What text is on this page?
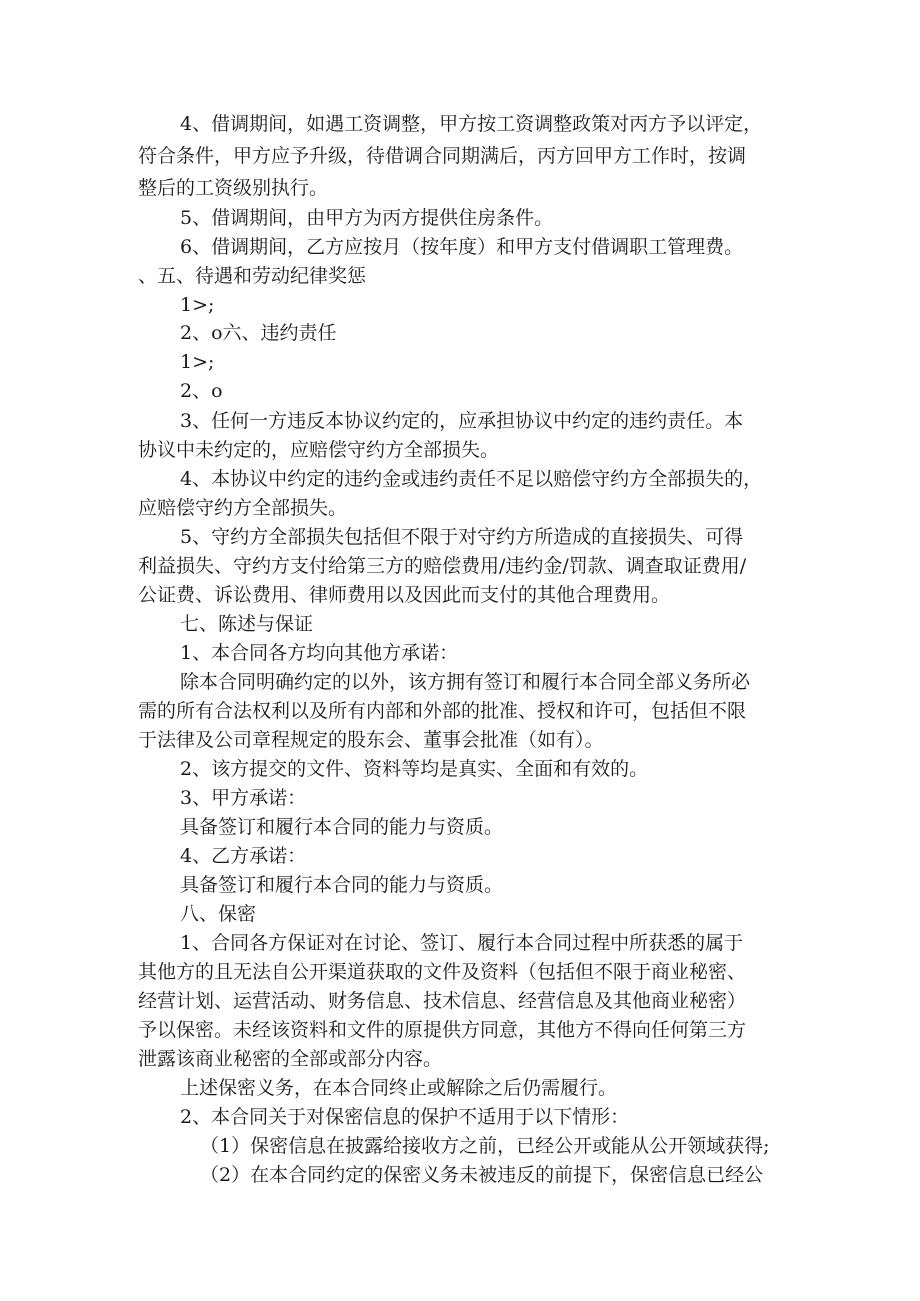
4、借调期间，如遇工资调整，甲方按工资调整政策对丙方予以评定，
符合条件，甲方应予升级，待借调合同期满后，丙方回甲方工作时，按调
整后的工资级别执行。
5、借调期间，由甲方为丙方提供住房条件。
6、借调期间，乙方应按月（按年度）和甲方支付借调职工管理费。
、五、待遇和劳动纪律奖惩
1>;
2、o六、违约责任
1>;
2、o
3、任何一方违反本协议约定的，应承担协议中约定的违约责任。本
协议中未约定的，应赔偿守约方全部损失。
4、本协议中约定的违约金或违约责任不足以赔偿守约方全部损失的，
应赔偿守约方全部损失。
5、守约方全部损失包括但不限于对守约方所造成的直接损失、可得
利益损失、守约方支付给第三方的赔偿费用/违约金/罚款、调查取证费用/
公证费、诉讼费用、律师费用以及因此而支付的其他合理费用。
七、陈述与保证
1、本合同各方均向其他方承诺：
除本合同明确约定的以外，该方拥有签订和履行本合同全部义务所必
需的所有合法权利以及所有内部和外部的批准、授权和许可，包括但不限
于法律及公司章程规定的股东会、董事会批准（如有）。
2、该方提交的文件、资料等均是真实、全面和有效的。
3、甲方承诺：
具备签订和履行本合同的能力与资质。
4、乙方承诺：
具备签订和履行本合同的能力与资质。
八、保密
1、合同各方保证对在讨论、签订、履行本合同过程中所获悉的属于
其他方的且无法自公开渠道获取的文件及资料（包括但不限于商业秘密、
经营计划、运营活动、财务信息、技术信息、经营信息及其他商业秘密）
予以保密。未经该资料和文件的原提供方同意，其他方不得向任何第三方
泄露该商业秘密的全部或部分内容。
上述保密义务，在本合同终止或解除之后仍需履行。
2、本合同关于对保密信息的保护不适用于以下情形：
（1）保密信息在披露给接收方之前，已经公开或能从公开领域获得;
（2）在本合同约定的保密义务未被违反的前提下，保密信息已经公
